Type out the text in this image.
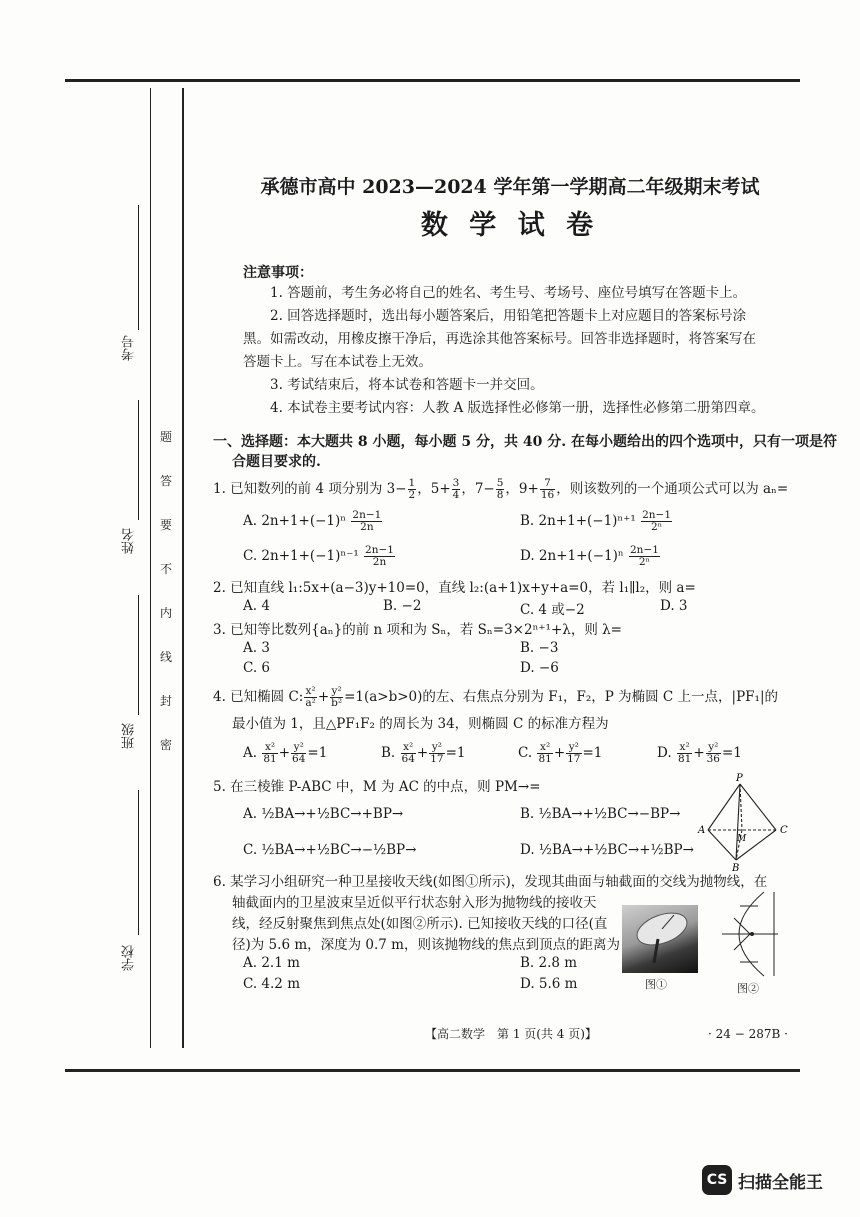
考号
姓名
班级
学校
题
答
要
不
内
线
封
密
承德市高中 2023—2024 学年第一学期高二年级期末考试
数 学 试 卷
注意事项：
1. 答题前，考生务必将自己的姓名、考生号、考场号、座位号填写在答题卡上。
2. 回答选择题时，选出每小题答案后，用铅笔把答题卡上对应题目的答案标号涂
黑。如需改动，用橡皮擦干净后，再选涂其他答案标号。回答非选择题时，将答案写在
答题卡上。写在本试卷上无效。
3. 考试结束后，将本试卷和答题卡一并交回。
4. 本试卷主要考试内容：人教 A 版选择性必修第一册，选择性必修第二册第四章。
一、选择题：本大题共 8 小题，每小题 5 分，共 40 分. 在每小题给出的四个选项中，只有一项是符
合题目要求的.
1. 已知数列的前 4 项分别为 $3- \frac{1}{2}$ ，$5+ \frac{3}{4}$ ，$7- \frac{5}{8}$ ，$9+ \frac{7}{16}$ ，则该数列的一个通项公式可以为 aₙ=
A. $2n+1+(-1)^n \frac{2n-1}{2n}$	B. $2n+1+(-1)^{n+1} \frac{2n-1}{\text{2ⁿ}}$
C. $2n+1+(-1)^{n-1} \frac{2n-1}{2n}$	D. $2n+1+(-1)^n \frac{2n-1}{\text{2ⁿ}}$
2. 已知直线 l₁:5x+(a−3)y+10=0，直线 l₂:(a+1)x+y+a=0，若 l₁∥l₂，则 a=
A. 4	B. −2	C. 4 或−2	D. 3
3. 已知等比数列{aₙ}的前 n 项和为 Sₙ，若 Sₙ=3×2ⁿ⁺¹+λ，则 λ=
A. 3	B. −3
C. 6	D. −6
4. 已知椭圆 C: $\frac{\text{x²}}{\text{a²}} + \frac{\text{y²}}{\text{b²}} =1(a>b>0)$的左、右焦点分别为 F₁，F₂，P 为椭圆 C 上一点，|PF₁|的
最小值为 1，且△PF₁F₂ 的周长为 34，则椭圆 C 的标准方程为
A. $\frac{\text{x²}}{81} + \frac{\text{y²}}{64} =1$	B. $\frac{\text{x²}}{64} + \frac{\text{y²}}{17} =1$	C. $\frac{\text{x²}}{81} + \frac{\text{y²}}{17} =1$	D. $\frac{\text{x²}}{81} + \frac{\text{y²}}{36} =1$
5. 在三棱锥 P-ABC 中，M 为 AC 的中点，则 PM→=
A. ½BA→+½BC→+BP→	B. ½BA→+½BC→−BP→
C. ½BA→+½BC→−½BP→	D. ½BA→+½BC→+½BP→
P
A
M
C
B
6. 某学习小组研究一种卫星接收天线(如图①所示)，发现其曲面与轴截面的交线为抛物线，在
轴截面内的卫星波束呈近似平行状态射入形为抛物线的接收天
线，经反射聚焦到焦点处(如图②所示). 已知接收天线的口径(直
径)为 5.6 m，深度为 0.7 m，则该抛物线的焦点到顶点的距离为
A. 2.1 m	B. 2.8 m
C. 4.2 m	D. 5.6 m	图①	图②
【高二数学　第 1 页(共 4 页)】	· 24 − 287B ·
CS 扫描全能王
